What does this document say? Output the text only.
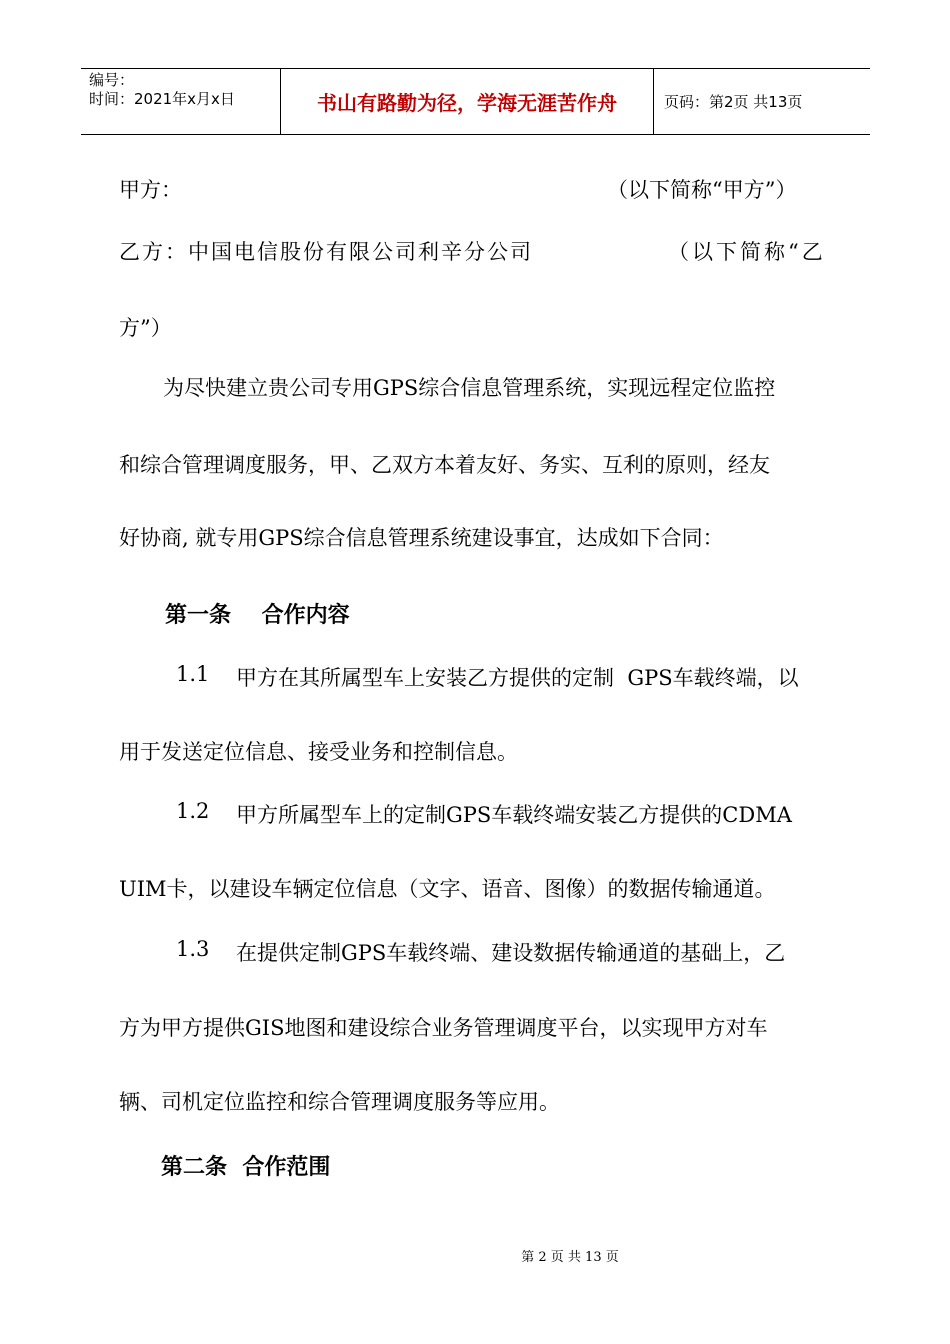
编号：
时间：2021年x月x日	书山有路勤为径，学海无涯苦作舟	页码：第2页 共13页
甲方：	（以下简称“甲方”）
乙方：中国电信股份有限公司利辛分公司	（以下简称“乙
方”）
为尽快建立贵公司专用GPS综合信息管理系统，实现远程定位监控
和综合管理调度服务，甲、乙双方本着友好、务实、互利的原则，经友
好协商, 就专用GPS综合信息管理系统建设事宜，达成如下合同：
第一条    合作内容
1.1 甲方在其所属型车上安装乙方提供的定制  GPS车载终端，以
用于发送定位信息、接受业务和控制信息。
1.2 甲方所属型车上的定制GPS车载终端安装乙方提供的CDMA
UIM卡，以建设车辆定位信息（文字、语音、图像）的数据传输通道。
1.3 在提供定制GPS车载终端、建设数据传输通道的基础上，乙
方为甲方提供GIS地图和建设综合业务管理调度平台，以实现甲方对车
辆、司机定位监控和综合管理调度服务等应用。
第二条  合作范围
第 2 页 共 13 页
